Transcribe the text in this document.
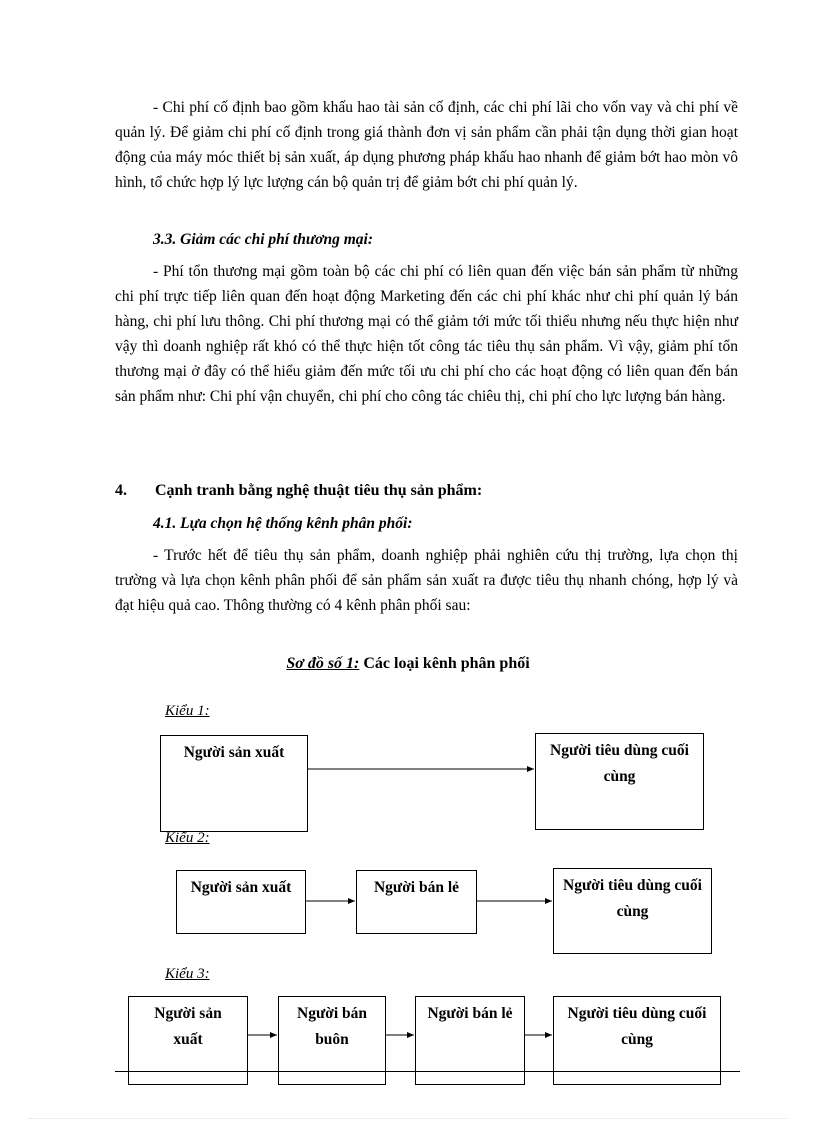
- Chi phí cố định bao gồm khấu hao tài sản cố định, các chi phí lãi cho vốn vay và chi phí về quản lý. Để giảm chi phí cố định trong giá thành đơn vị sản phẩm cần phải tận dụng thời gian hoạt động của máy móc thiết bị sản xuất, áp dụng phương pháp khấu hao nhanh để giảm bớt hao mòn vô hình, tổ chức hợp lý lực lượng cán bộ quản trị để giảm bớt chi phí quản lý.

3.3. Giảm các chi phí thương mại:

- Phí tổn thương mại gồm toàn bộ các chi phí có liên quan đến việc bán sản phẩm từ những chi phí trực tiếp liên quan đến hoạt động Marketing đến các chi phí khác như chi phí quản lý bán hàng, chi phí lưu thông. Chi phí thương mại có thể giảm tới mức tối thiểu nhưng nếu thực hiện như vậy thì doanh nghiệp rất khó có thể thực hiện tốt công tác tiêu thụ sản phẩm. Vì vậy, giảm phí tổn thương mại ở đây có thể hiểu giảm đến mức tối ưu chi phí cho các hoạt động có liên quan đến bán sản phẩm như: Chi phí vận chuyển, chi phí cho công tác chiêu thị, chi phí cho lực lượng bán hàng.

4. Cạnh tranh bằng nghệ thuật tiêu thụ sản phẩm:

4.1. Lựa chọn hệ thống kênh phân phối:

- Trước hết để tiêu thụ sản phẩm, doanh nghiệp phải nghiên cứu thị trường, lựa chọn thị trường và lựa chọn kênh phân phối để sản phẩm sản xuất ra được tiêu thụ nhanh chóng, hợp lý và đạt hiệu quả cao. Thông thường có 4 kênh phân phối sau:

Sơ đồ số 1: Các loại kênh phân phối
Kiểu 1:
Người sản xuất	Người tiêu dùng cuối cùng
Kiểu 2:
Người sản xuất	Người bán lẻ	Người tiêu dùng cuối cùng
Kiểu 3:
Người sản xuất
Người bán buôn
Người bán lẻ	Người tiêu dùng cuối cùng
